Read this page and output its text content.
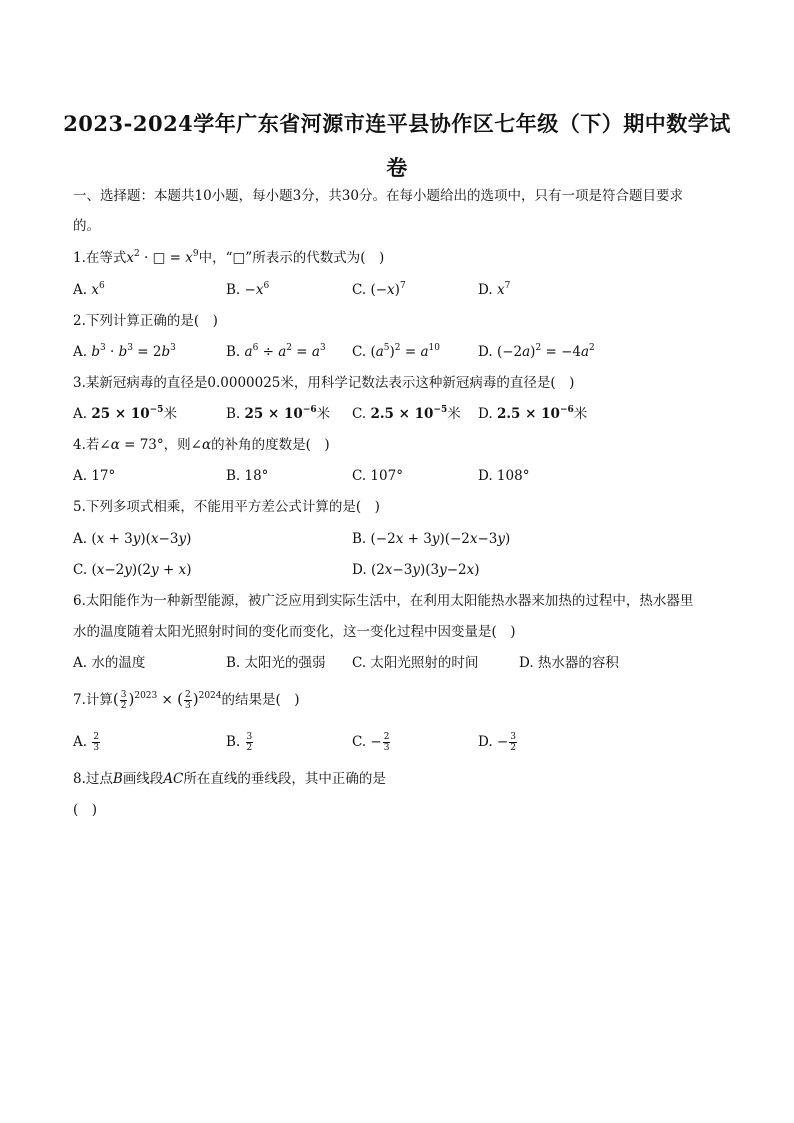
2023-2024学年广东省河源市连平县协作区七年级（下）期中数学试
卷
一、选择题：本题共10小题，每小题3分，共30分。在每小题给出的选项中，只有一项是符合题目要求
的。
1.在等式$x^2$ · □ = $x^9$中，“□”所表示的代数式为(　)
A. $x^6$	B. $-x^6$	C. $(-x)^7$	D. $x^7$
2.下列计算正确的是(　)
A. $b^3 \cdot b^3 = 2b^3$	B. $a^6 \div a^2 = a^3$ C. $(a^5)^2 = a^{10}$	D. $(-2a)^2 = -4a^2$
3.某新冠病毒的直径是0.0000025米，用科学记数法表示这种新冠病毒的直径是(　)
A. $25 \times 10^{-5}$米	B. $25 \times 10^{-6}$米 C. $2.5 \times 10^{-5}$米 D. $2.5 \times 10^{-6}$米
4.若∠α = 73°，则∠α的补角的度数是(　)
A. 17°	B. 18°	C. 107°	D. 108°
5.下列多项式相乘，不能用平方差公式计算的是(　)
A. (x + 3y)(x−3y)	B. (−2x + 3y)(−2x−3y)
C. (x−2y)(2y + x)	D. (2x−3y)(3y−2x)
6.太阳能作为一种新型能源，被广泛应用到实际生活中，在利用太阳能热水器来加热的过程中，热水器里
水的温度随着太阳光照射时间的变化而变化，这一变化过程中因变量是(　)
A. 水的温度	B. 太阳光的强弱 C. 太阳光照射的时间	D. 热水器的容积
7.计算( $\frac{3}{2} )^{2023}$ × ( $\frac{2}{3} )^{2024}$的结果是(　)
A. $\frac{2}{3}$	B. $\frac{3}{2}$	C. − $\frac{2}{3}$	D. − $\frac{3}{2}$
8.过点B画线段AC所在直线的垂线段，其中正确的是
(　)
